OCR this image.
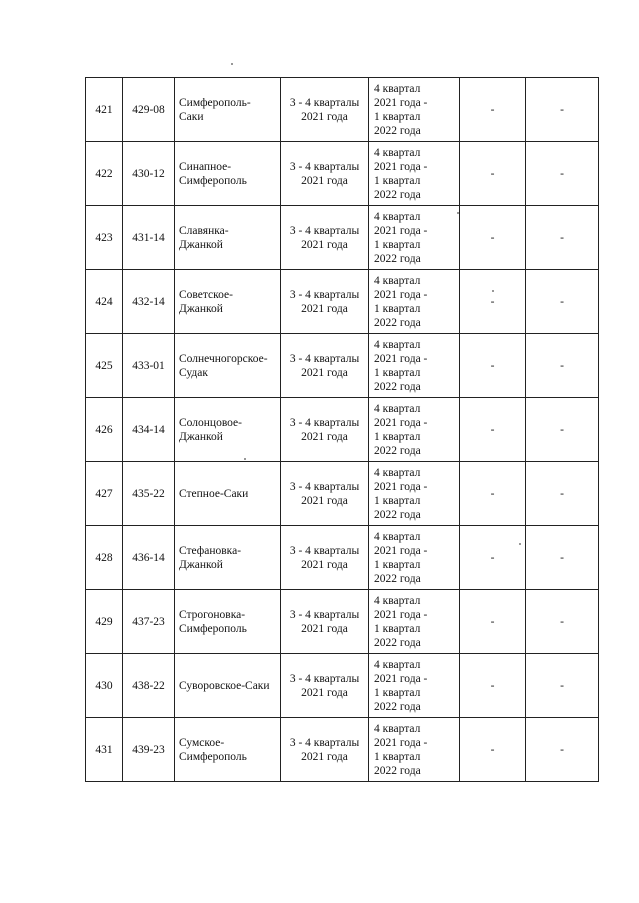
421	429-08	Симферополь-
Саки	3 - 4 кварталы
2021 года	4 квартал
2021 года -
1 квартал
2022 года	-	-
422	430-12	Синапное-
Симферополь	3 - 4 кварталы
2021 года	4 квартал
2021 года -
1 квартал
2022 года	-	-
423	431-14	Славянка-
Джанкой	3 - 4 кварталы
2021 года	4 квартал
2021 года -
1 квартал
2022 года	-	-
424	432-14	Советское-
Джанкой	3 - 4 кварталы
2021 года	4 квартал
2021 года -
1 квартал
2022 года	-	-
425	433-01	Солнечногорское-
Судак	3 - 4 кварталы
2021 года	4 квартал
2021 года -
1 квартал
2022 года	-	-
426	434-14	Солонцовое-
Джанкой	3 - 4 кварталы
2021 года	4 квартал
2021 года -
1 квартал
2022 года	-	-
427	435-22	Степное-Саки	3 - 4 кварталы
2021 года	4 квартал
2021 года -
1 квартал
2022 года	-	-
428	436-14	Стефановка-
Джанкой	3 - 4 кварталы
2021 года	4 квартал
2021 года -
1 квартал
2022 года	-	-
429	437-23	Строгоновка-
Симферополь	3 - 4 кварталы
2021 года	4 квартал
2021 года -
1 квартал
2022 года	-	-
430	438-22	Суворовское-Саки	3 - 4 кварталы
2021 года	4 квартал
2021 года -
1 квартал
2022 года	-	-
431	439-23	Сумское-
Симферополь	3 - 4 кварталы
2021 года	4 квартал
2021 года -
1 квартал
2022 года	-	-
